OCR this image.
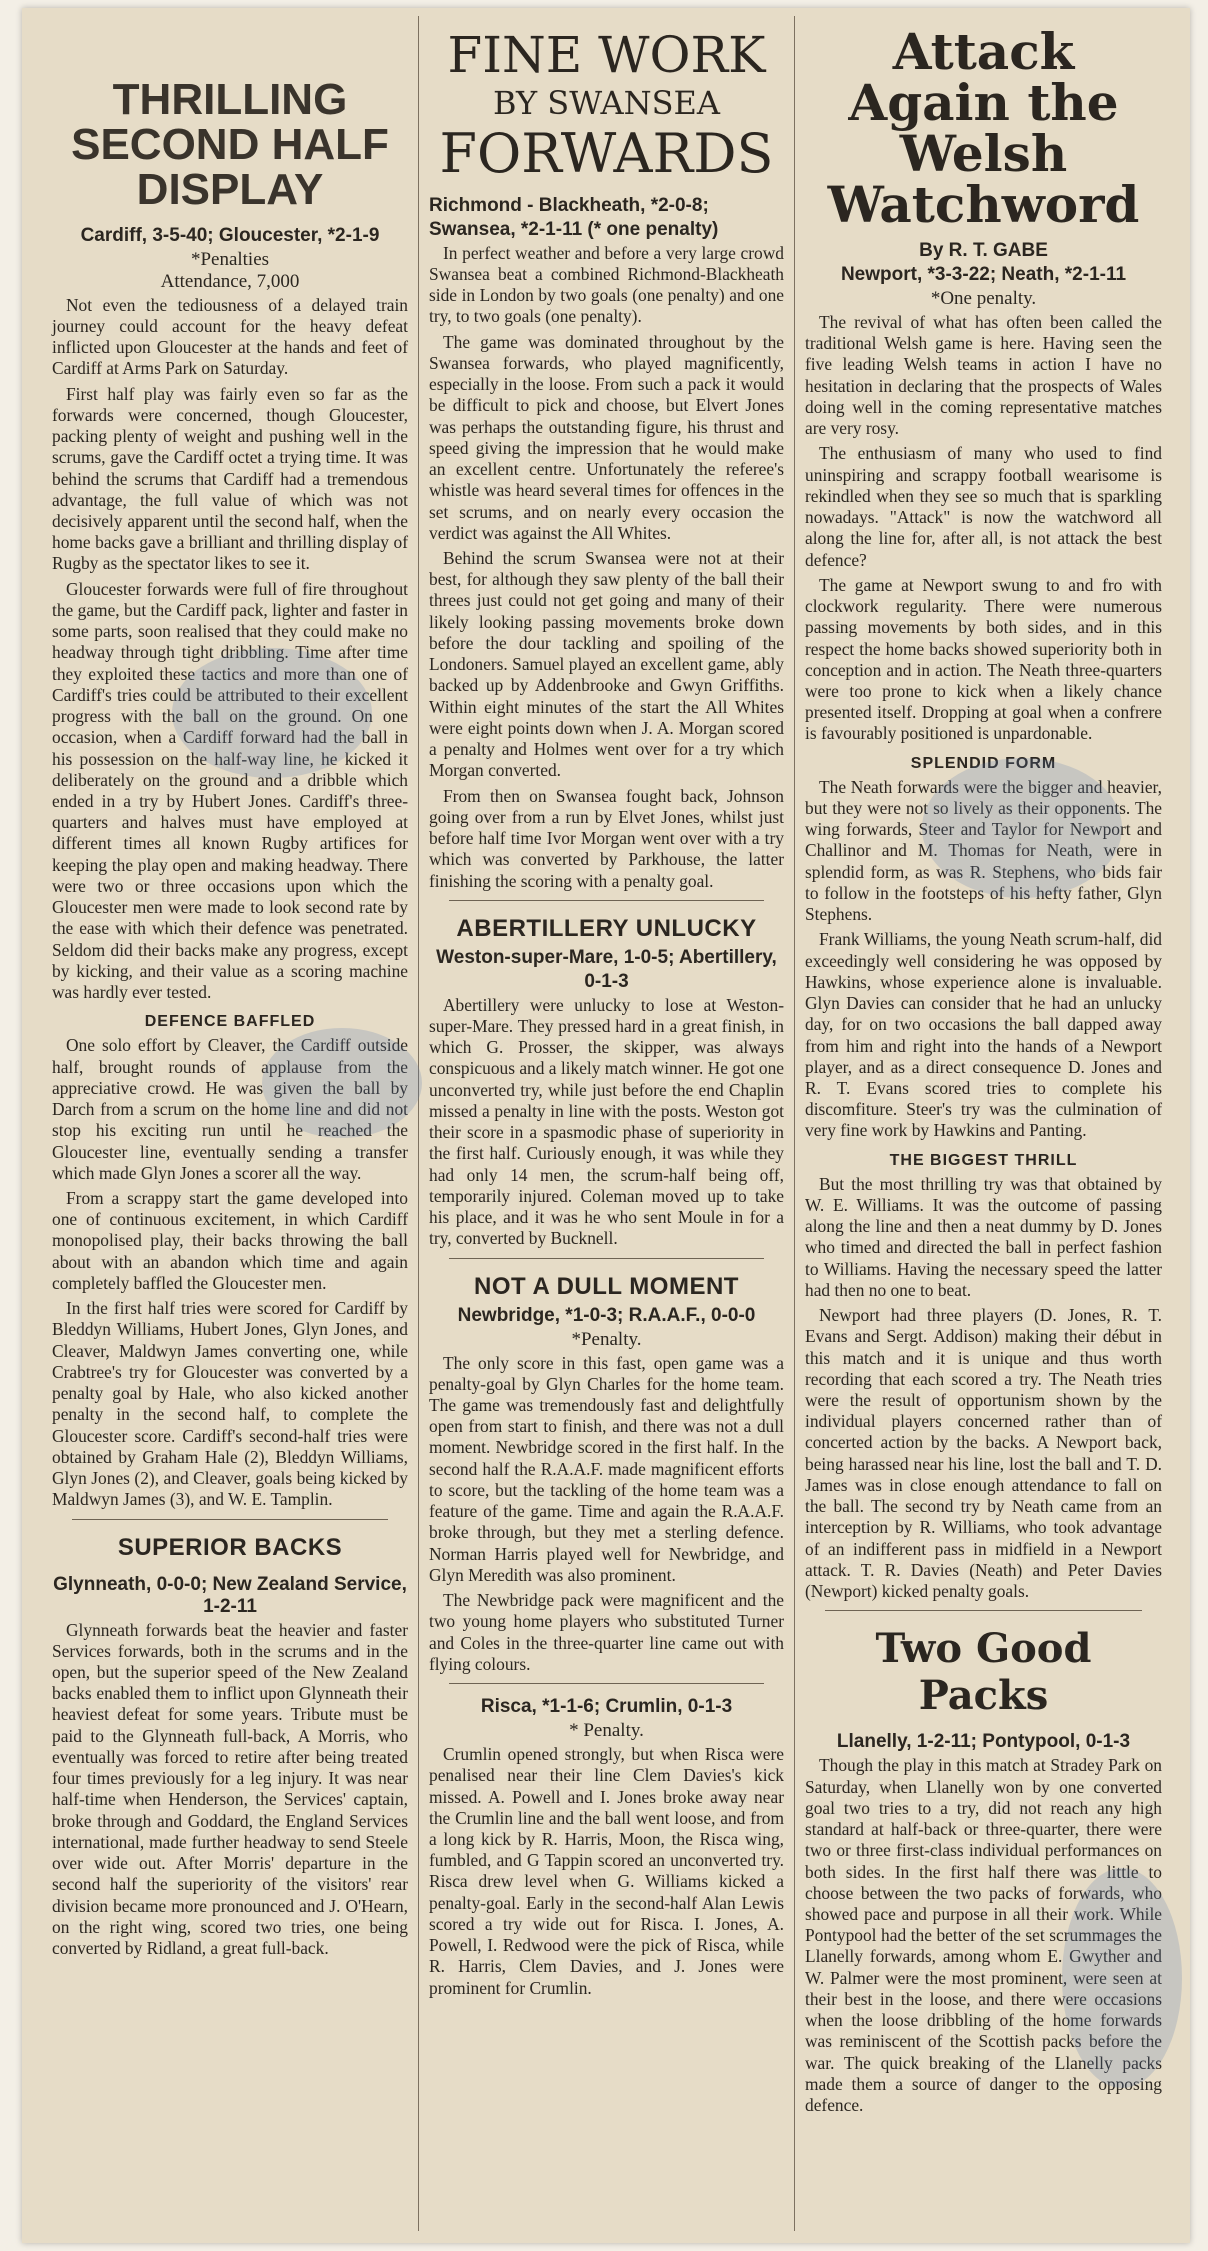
THRILLING SECOND HALF DISPLAY
Cardiff, 3-5-40; Gloucester, *2-1-9
*Penalties
Attendance, 7,000

Not even the tediousness of a delayed train journey could account for the heavy defeat inflicted upon Gloucester at the hands and feet of Cardiff at Arms Park on Saturday.

First half play was fairly even so far as the forwards were concerned, though Gloucester, packing plenty of weight and pushing well in the scrums, gave the Cardiff octet a trying time. It was behind the scrums that Cardiff had a tremendous advantage, the full value of which was not decisively apparent until the second half, when the home backs gave a brilliant and thrilling display of Rugby as the spectator likes to see it.

Gloucester forwards were full of fire throughout the game, but the Cardiff pack, lighter and faster in some parts, soon realised that they could make no headway through tight dribbling. Time after time they exploited these tactics and more than one of Cardiff's tries could be attributed to their excellent progress with the ball on the ground. On one occasion, when a Cardiff forward had the ball in his possession on the half-way line, he kicked it deliberately on the ground and a dribble which ended in a try by Hubert Jones. Cardiff's three-quarters and halves must have employed at different times all known Rugby artifices for keeping the play open and making headway. There were two or three occasions upon which the Gloucester men were made to look second rate by the ease with which their defence was penetrated. Seldom did their backs make any progress, except by kicking, and their value as a scoring machine was hardly ever tested.

DEFENCE BAFFLED

One solo effort by Cleaver, the Cardiff outside half, brought rounds of applause from the appreciative crowd. He was given the ball by Darch from a scrum on the home line and did not stop his exciting run until he reached the Gloucester line, eventually sending a transfer which made Glyn Jones a scorer all the way.

From a scrappy start the game developed into one of continuous excitement, in which Cardiff monopolised play, their backs throwing the ball about with an abandon which time and again completely baffled the Gloucester men.

In the first half tries were scored for Cardiff by Bleddyn Williams, Hubert Jones, Glyn Jones, and Cleaver, Maldwyn James converting one, while Crabtree's try for Gloucester was converted by a penalty goal by Hale, who also kicked another penalty in the second half, to complete the Gloucester score. Cardiff's second-half tries were obtained by Graham Hale (2), Bleddyn Williams, Glyn Jones (2), and Cleaver, goals being kicked by Maldwyn James (3), and W. E. Tamplin.

SUPERIOR BACKS
Glynneath, 0-0-0; New Zealand Service, 1-2-11

Glynneath forwards beat the heavier and faster Services forwards, both in the scrums and in the open, but the superior speed of the New Zealand backs enabled them to inflict upon Glynneath their heaviest defeat for some years. Tribute must be paid to the Glynneath full-back, A Morris, who eventually was forced to retire after being treated four times previously for a leg injury. It was near half-time when Henderson, the Services' captain, broke through and Goddard, the England Services international, made further headway to send Steele over wide out. After Morris' departure in the second half the superiority of the visitors' rear division became more pronounced and J. O'Hearn, on the right wing, scored two tries, one being converted by Ridland, a great full-back.

FINE WORK
BY SWANSEA
FORWARDS
Richmond - Blackheath, *2-0-8;
Swansea, *2-1-11 (* one penalty)

In perfect weather and before a very large crowd Swansea beat a combined Richmond-Blackheath side in London by two goals (one penalty) and one try, to two goals (one penalty).

The game was dominated throughout by the Swansea forwards, who played magnificently, especially in the loose. From such a pack it would be difficult to pick and choose, but Elvert Jones was perhaps the outstanding figure, his thrust and speed giving the impression that he would make an excellent centre. Unfortunately the referee's whistle was heard several times for offences in the set scrums, and on nearly every occasion the verdict was against the All Whites.

Behind the scrum Swansea were not at their best, for although they saw plenty of the ball their threes just could not get going and many of their likely looking passing movements broke down before the dour tackling and spoiling of the Londoners. Samuel played an excellent game, ably backed up by Addenbrooke and Gwyn Griffiths. Within eight minutes of the start the All Whites were eight points down when J. A. Morgan scored a penalty and Holmes went over for a try which Morgan converted.

From then on Swansea fought back, Johnson going over from a run by Elvet Jones, whilst just before half time Ivor Morgan went over with a try which was converted by Parkhouse, the latter finishing the scoring with a penalty goal.

ABERTILLERY UNLUCKY
Weston-super-Mare, 1-0-5; Abertillery,
0-1-3

Abertillery were unlucky to lose at Weston-super-Mare. They pressed hard in a great finish, in which G. Prosser, the skipper, was always conspicuous and a likely match winner. He got one unconverted try, while just before the end Chaplin missed a penalty in line with the posts. Weston got their score in a spasmodic phase of superiority in the first half. Curiously enough, it was while they had only 14 men, the scrum-half being off, temporarily injured. Coleman moved up to take his place, and it was he who sent Moule in for a try, converted by Bucknell.

NOT A DULL MOMENT
Newbridge, *1-0-3; R.A.A.F., 0-0-0
*Penalty.

The only score in this fast, open game was a penalty-goal by Glyn Charles for the home team. The game was tremendously fast and delightfully open from start to finish, and there was not a dull moment. Newbridge scored in the first half. In the second half the R.A.A.F. made magnificent efforts to score, but the tackling of the home team was a feature of the game. Time and again the R.A.A.F. broke through, but they met a sterling defence. Norman Harris played well for Newbridge, and Glyn Meredith was also prominent.

The Newbridge pack were magnificent and the two young home players who substituted Turner and Coles in the three-quarter line came out with flying colours.

Risca, *1-1-6; Crumlin, 0-1-3
* Penalty.

Crumlin opened strongly, but when Risca were penalised near their line Clem Davies's kick missed. A. Powell and I. Jones broke away near the Crumlin line and the ball went loose, and from a long kick by R. Harris, Moon, the Risca wing, fumbled, and G Tappin scored an unconverted try. Risca drew level when G. Williams kicked a penalty-goal. Early in the second-half Alan Lewis scored a try wide out for Risca. I. Jones, A. Powell, I. Redwood were the pick of Risca, while R. Harris, Clem Davies, and J. Jones were prominent for Crumlin.

Attack Again the Welsh Watchword
By R. T. GABE
Newport, *3-3-22; Neath, *2-1-11
*One penalty.

The revival of what has often been called the traditional Welsh game is here. Having seen the five leading Welsh teams in action I have no hesitation in declaring that the prospects of Wales doing well in the coming representative matches are very rosy.

The enthusiasm of many who used to find uninspiring and scrappy football wearisome is rekindled when they see so much that is sparkling nowadays. "Attack" is now the watchword all along the line for, after all, is not attack the best defence?

The game at Newport swung to and fro with clockwork regularity. There were numerous passing movements by both sides, and in this respect the home backs showed superiority both in conception and in action. The Neath three-quarters were too prone to kick when a likely chance presented itself. Dropping at goal when a confrere is favourably positioned is unpardonable.

SPLENDID FORM

The Neath forwards were the bigger and heavier, but they were not so lively as their opponents. The wing forwards, Steer and Taylor for Newport and Challinor and M. Thomas for Neath, were in splendid form, as was R. Stephens, who bids fair to follow in the footsteps of his hefty father, Glyn Stephens.

Frank Williams, the young Neath scrum-half, did exceedingly well considering he was opposed by Hawkins, whose experience alone is invaluable. Glyn Davies can consider that he had an unlucky day, for on two occasions the ball dapped away from him and right into the hands of a Newport player, and as a direct consequence D. Jones and R. T. Evans scored tries to complete his discomfiture. Steer's try was the culmination of very fine work by Hawkins and Panting.

THE BIGGEST THRILL

But the most thrilling try was that obtained by W. E. Williams. It was the outcome of passing along the line and then a neat dummy by D. Jones who timed and directed the ball in perfect fashion to Williams. Having the necessary speed the latter had then no one to beat.

Newport had three players (D. Jones, R. T. Evans and Sergt. Addison) making their début in this match and it is unique and thus worth recording that each scored a try. The Neath tries were the result of opportunism shown by the individual players concerned rather than of concerted action by the backs. A Newport back, being harassed near his line, lost the ball and T. D. James was in close enough attendance to fall on the ball. The second try by Neath came from an interception by R. Williams, who took advantage of an indifferent pass in midfield in a Newport attack. T. R. Davies (Neath) and Peter Davies (Newport) kicked penalty goals.

Two Good Packs
Llanelly, 1-2-11; Pontypool, 0-1-3

Though the play in this match at Stradey Park on Saturday, when Llanelly won by one converted goal two tries to a try, did not reach any high standard at half-back or three-quarter, there were two or three first-class individual performances on both sides. In the first half there was little to choose between the two packs of forwards, who showed pace and purpose in all their work. While Pontypool had the better of the set scrummages the Llanelly forwards, among whom E. Gwyther and W. Palmer were the most prominent, were seen at their best in the loose, and there were occasions when the loose dribbling of the home forwards was reminiscent of the Scottish packs before the war. The quick breaking of the Llanelly packs made them a source of danger to the opposing defence.
